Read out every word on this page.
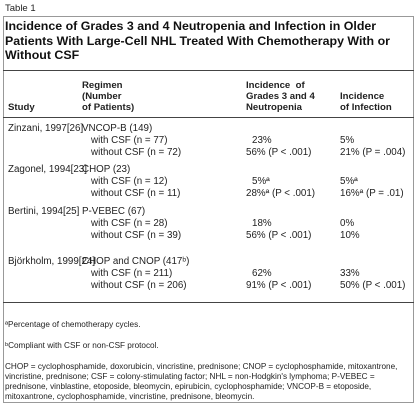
Table 1
Incidence of Grades 3 and 4 Neutropenia and Infection in Older Patients With Large-Cell NHL Treated With Chemotherapy With or Without CSF
Study
Regimen
(Number
of Patients)
Incidence  of
Grades 3 and 4
Neutropenia
Incidence
of Infection
Zinzani, 1997[26]
VNCOP-B (149)
with CSF (n = 77)
without CSF (n = 72)
23%
56% (P < .001)
5%
21% (P = .004)
Zagonel, 1994[23]
CHOP (23)
with CSF (n = 12)
without CSF (n = 11)
5%ª
28%ª (P < .001)
5%ª
16%ª (P = .01)
Bertini, 1994[25] P-VEBEC (67)
with CSF (n = 28)
without CSF (n = 39)
18%
56% (P < .001)
0%
10%
Björkholm, 1999[24]
CHOP and CNOP (417ᵇ)
with CSF (n = 211)
without CSF (n = 206)
62%
91% (P < .001)
33%
50% (P < .001)
ªPercentage of chemotherapy cycles.
ᵇCompliant with CSF or non-CSF protocol.
CHOP = cyclophosphamide, doxorubicin, vincristine, prednisone; CNOP = cyclophosphamide, mitoxantrone, vincristine, prednisone; CSF = colony-stimulating factor; NHL = non-Hodgkin's lymphoma; P-VEBEC = prednisone, vinblastine, etoposide, bleomycin, epirubicin, cyclophosphamide; VNCOP-B = etoposide, mitoxantrone, cyclophosphamide, vincristine, prednisone, bleomycin.
